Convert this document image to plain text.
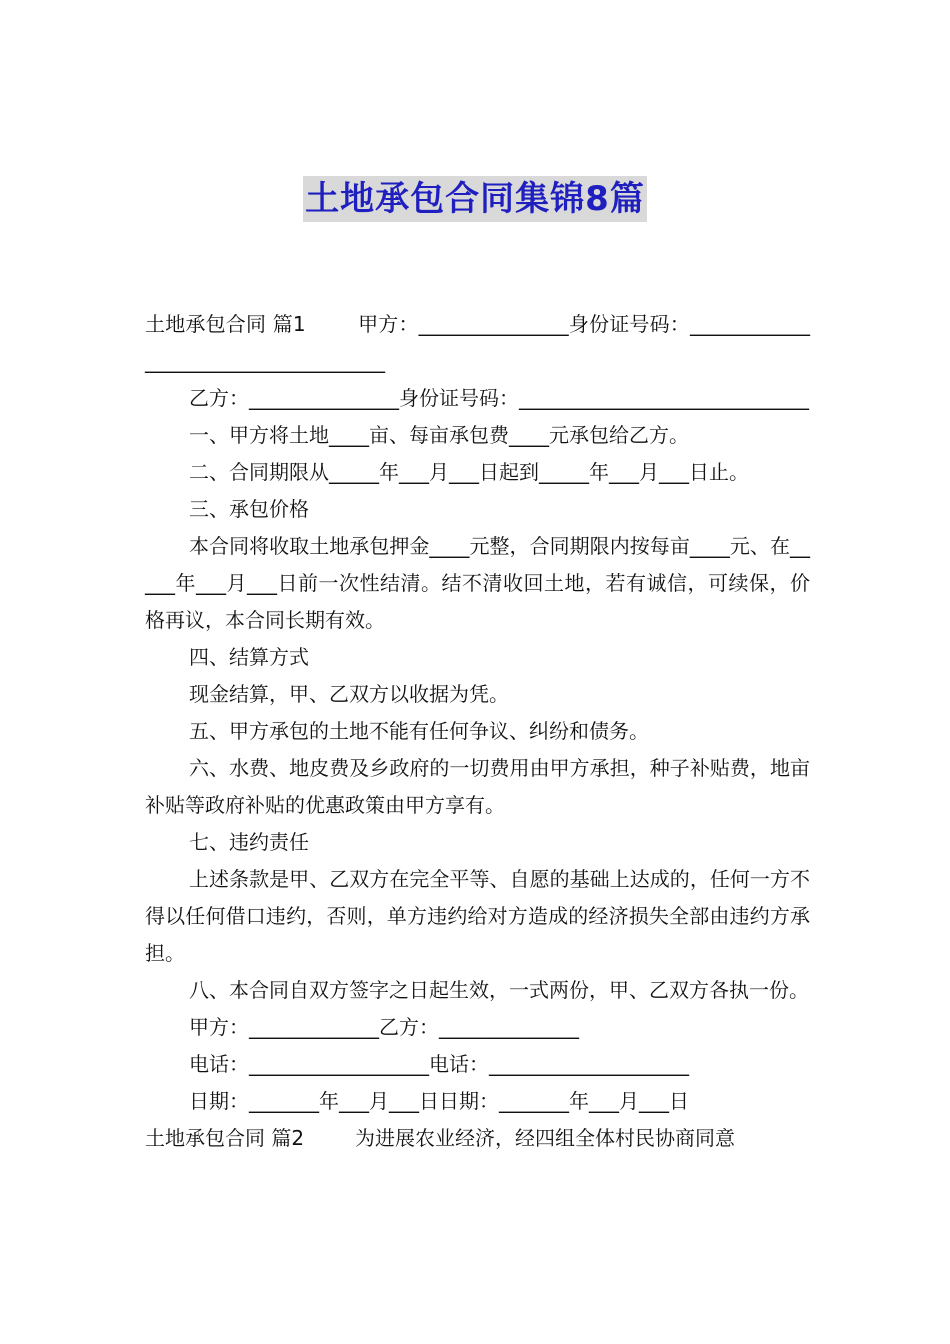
土地承包合同集锦8篇

土地承包合同 篇1	甲方：_______________身份证号码：____________________________________

乙方：_______________身份证号码：_____________________________

一、甲方将土地____亩、每亩承包费____元承包给乙方。

二、合同期限从_____年___月___日起到_____年___月___日止。

三、承包价格

本合同将收取土地承包押金____元整，合同期限内按每亩____元、在_____年___月___日前一次性结清。结不清收回土地，若有诚信，可续保，价格再议，本合同长期有效。

四、结算方式

现金结算，甲、乙双方以收据为凭。

五、甲方承包的土地不能有任何争议、纠纷和债务。

六、水费、地皮费及乡政府的一切费用由甲方承担，种子补贴费，地亩补贴等政府补贴的优惠政策由甲方享有。

七、违约责任

上述条款是甲、乙双方在完全平等、自愿的基础上达成的，任何一方不得以任何借口违约，否则，单方违约给对方造成的经济损失全部由违约方承担。

八、本合同自双方签字之日起生效，一式两份，甲、乙双方各执一份。

甲方：_____________乙方：______________

电话：__________________电话：____________________

日期：_______年___月___日日期：_______年___月___日

土地承包合同 篇2	为进展农业经济，经四组全体村民协商同意
